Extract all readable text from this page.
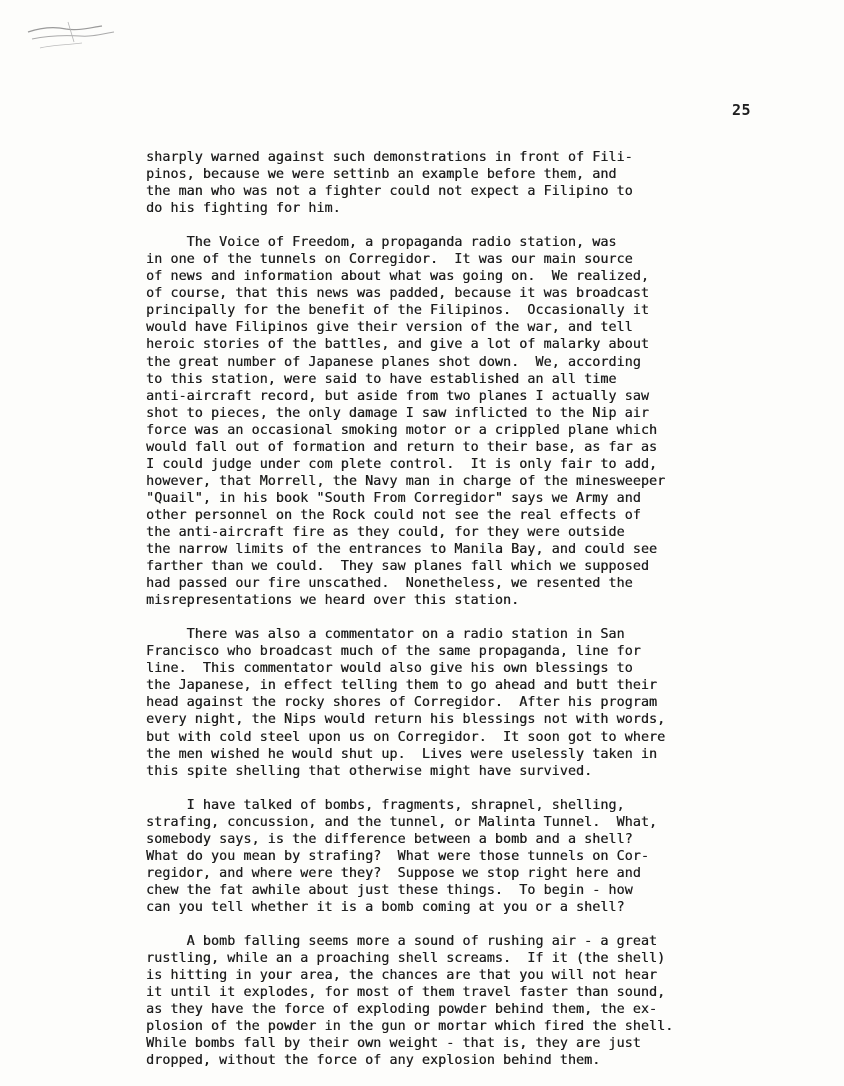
25

sharply warned against such demonstrations in front of Fili-
pinos, because we were settinb an example before them, and
the man who was not a fighter could not expect a Filipino to
do his fighting for him.

The Voice of Freedom, a propaganda radio station, was
in one of the tunnels on Corregidor.  It was our main source
of news and information about what was going on.  We realized,
of course, that this news was padded, because it was broadcast
principally for the benefit of the Filipinos.  Occasionally it
would have Filipinos give their version of the war, and tell
heroic stories of the battles, and give a lot of malarky about
the great number of Japanese planes shot down.  We, according
to this station, were said to have established an all time
anti-aircraft record, but aside from two planes I actually saw
shot to pieces, the only damage I saw inflicted to the Nip air
force was an occasional smoking motor or a crippled plane which
would fall out of formation and return to their base, as far as
I could judge under com plete control.  It is only fair to add,
however, that Morrell, the Navy man in charge of the minesweeper
"Quail", in his book "South From Corregidor" says we Army and
other personnel on the Rock could not see the real effects of
the anti-aircraft fire as they could, for they were outside
the narrow limits of the entrances to Manila Bay, and could see
farther than we could.  They saw planes fall which we supposed
had passed our fire unscathed.  Nonetheless, we resented the
misrepresentations we heard over this station.

There was also a commentator on a radio station in San
Francisco who broadcast much of the same propaganda, line for
line.  This commentator would also give his own blessings to
the Japanese, in effect telling them to go ahead and butt their
head against the rocky shores of Corregidor.  After his program
every night, the Nips would return his blessings not with words,
but with cold steel upon us on Corregidor.  It soon got to where
the men wished he would shut up.  Lives were uselessly taken in
this spite shelling that otherwise might have survived.

I have talked of bombs, fragments, shrapnel, shelling,
strafing, concussion, and the tunnel, or Malinta Tunnel.  What,
somebody says, is the difference between a bomb and a shell?
What do you mean by strafing?  What were those tunnels on Cor-
regidor, and where were they?  Suppose we stop right here and
chew the fat awhile about just these things.  To begin - how
can you tell whether it is a bomb coming at you or a shell?

A bomb falling seems more a sound of rushing air - a great
rustling, while an a proaching shell screams.  If it (the shell)
is hitting in your area, the chances are that you will not hear
it until it explodes, for most of them travel faster than sound,
as they have the force of exploding powder behind them, the ex-
plosion of the powder in the gun or mortar which fired the shell.
While bombs fall by their own weight - that is, they are just
dropped, without the force of any explosion behind them.
